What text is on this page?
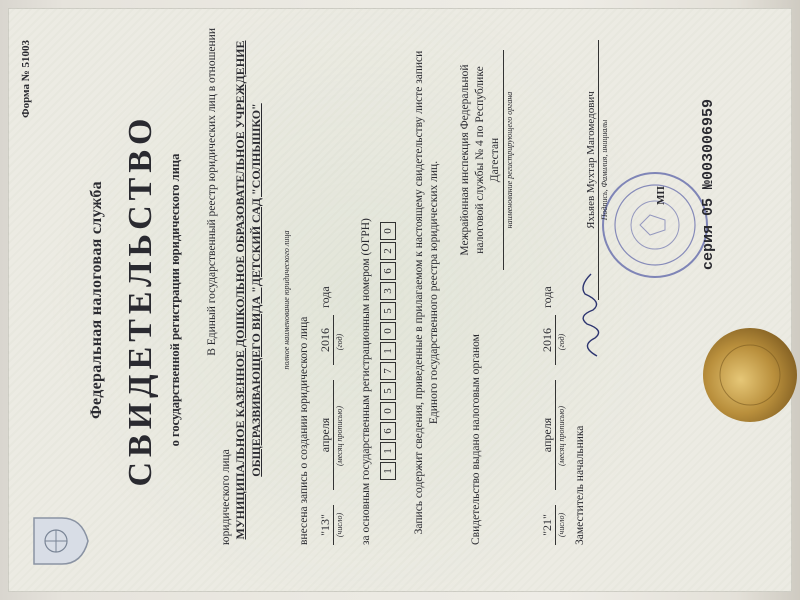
Форма № 51003
Федеральная налоговая служба СВИДЕТЕЛЬСТВО о государственной регистрации юридического лица В Единый государственный реестр юридических лиц в отношении
юридического лица МУНИЦИПАЛЬНОЕ КАЗЕННОЕ ДОШКОЛЬНОЕ ОБРАЗОВАТЕЛЬНОЕ УЧРЕЖДЕНИЕ ОБЩЕРАЗВИВАЮЩЕГО ВИДА "ДЕТСКИЙ САД "СОЛНЫШКО" полное наименование юридического лица
внесена запись о создании юридического лица "13" апреля 2016 года
(число) (месяц прописью) (год) за основным государственным регистрационным номером (ОГРН) 1
1
6
0
5
7
1
0
5
3
6
2
0 Запись содержит сведения, приведенные в прилагаемом к настоящему свидетельству листе записи Единого государственного реестра юридических лиц.
Свидетельство выдано налоговым органом
Межрайонная инспекция Федеральной налоговой службы № 4 по Республике Дагестан наименование регистрирующего органа
"21" апреля 2016 года
(число) (месяц прописью) (год)
Заместитель начальника
МП
Яхьяев Мухтар Магомедович Подпись, Фамилия, инициалы	серия 05 №003006959
